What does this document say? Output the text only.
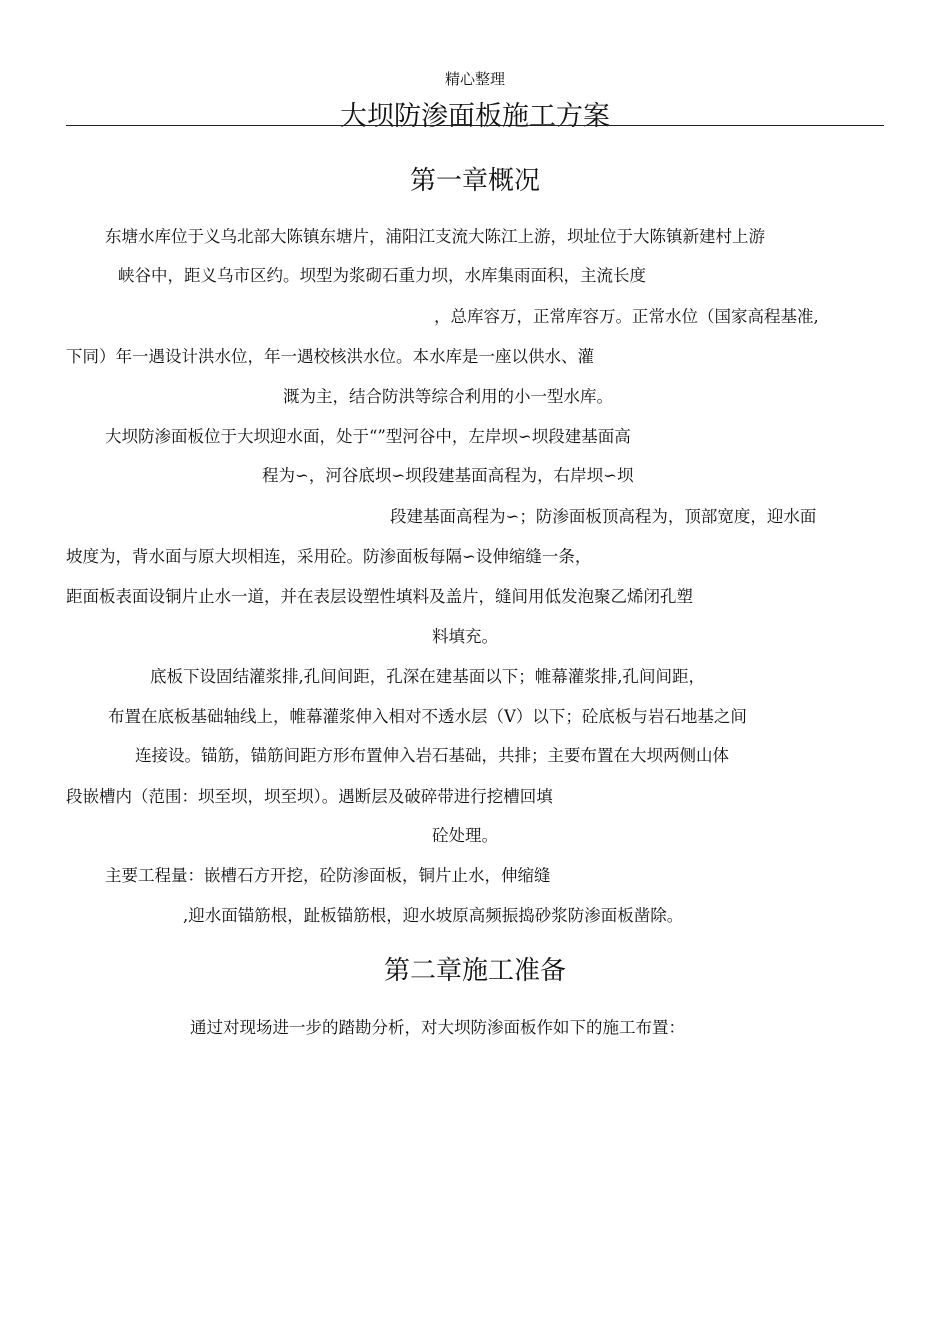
精心整理
大坝防渗面板施工方案
第一章概况
东塘水库位于义乌北部大陈镇东塘片，浦阳江支流大陈江上游，坝址位于大陈镇新建村上游
峡谷中，距义乌市区约。坝型为浆砌石重力坝，水库集雨面积，主流长度
，总库容万，正常库容万。正常水位（国家高程基准,
下同）年一遇设计洪水位，年一遇校核洪水位。本水库是一座以供水、灌
溉为主，结合防洪等综合利用的小一型水库。
大坝防渗面板位于大坝迎水面，处于“”型河谷中，左岸坝∽坝段建基面高
程为∽，河谷底坝∽坝段建基面高程为，右岸坝∽坝
段建基面高程为∽；防渗面板顶高程为，顶部宽度，迎水面
坡度为，背水面与原大坝相连，采用砼。防渗面板每隔∽设伸缩缝一条，
距面板表面设铜片止水一道，并在表层设塑性填料及盖片，缝间用低发泡聚乙烯闭孔塑
料填充。
底板下设固结灌浆排,孔间间距，孔深在建基面以下；帷幕灌浆排,孔间间距，
布置在底板基础轴线上，帷幕灌浆伸入相对不透水层（V）以下；砼底板与岩石地基之间
连接设。锚筋，锚筋间距方形布置伸入岩石基础，共排；主要布置在大坝两侧山体
段嵌槽内（范围：坝至坝，坝至坝）。遇断层及破碎带进行挖槽回填
砼处理。
主要工程量：嵌槽石方开挖，砼防渗面板，铜片止水，伸缩缝
,迎水面锚筋根，趾板锚筋根，迎水坡原高频振捣砂浆防渗面板凿除。
第二章施工准备
通过对现场进一步的踏勘分析，对大坝防渗面板作如下的施工布置：
